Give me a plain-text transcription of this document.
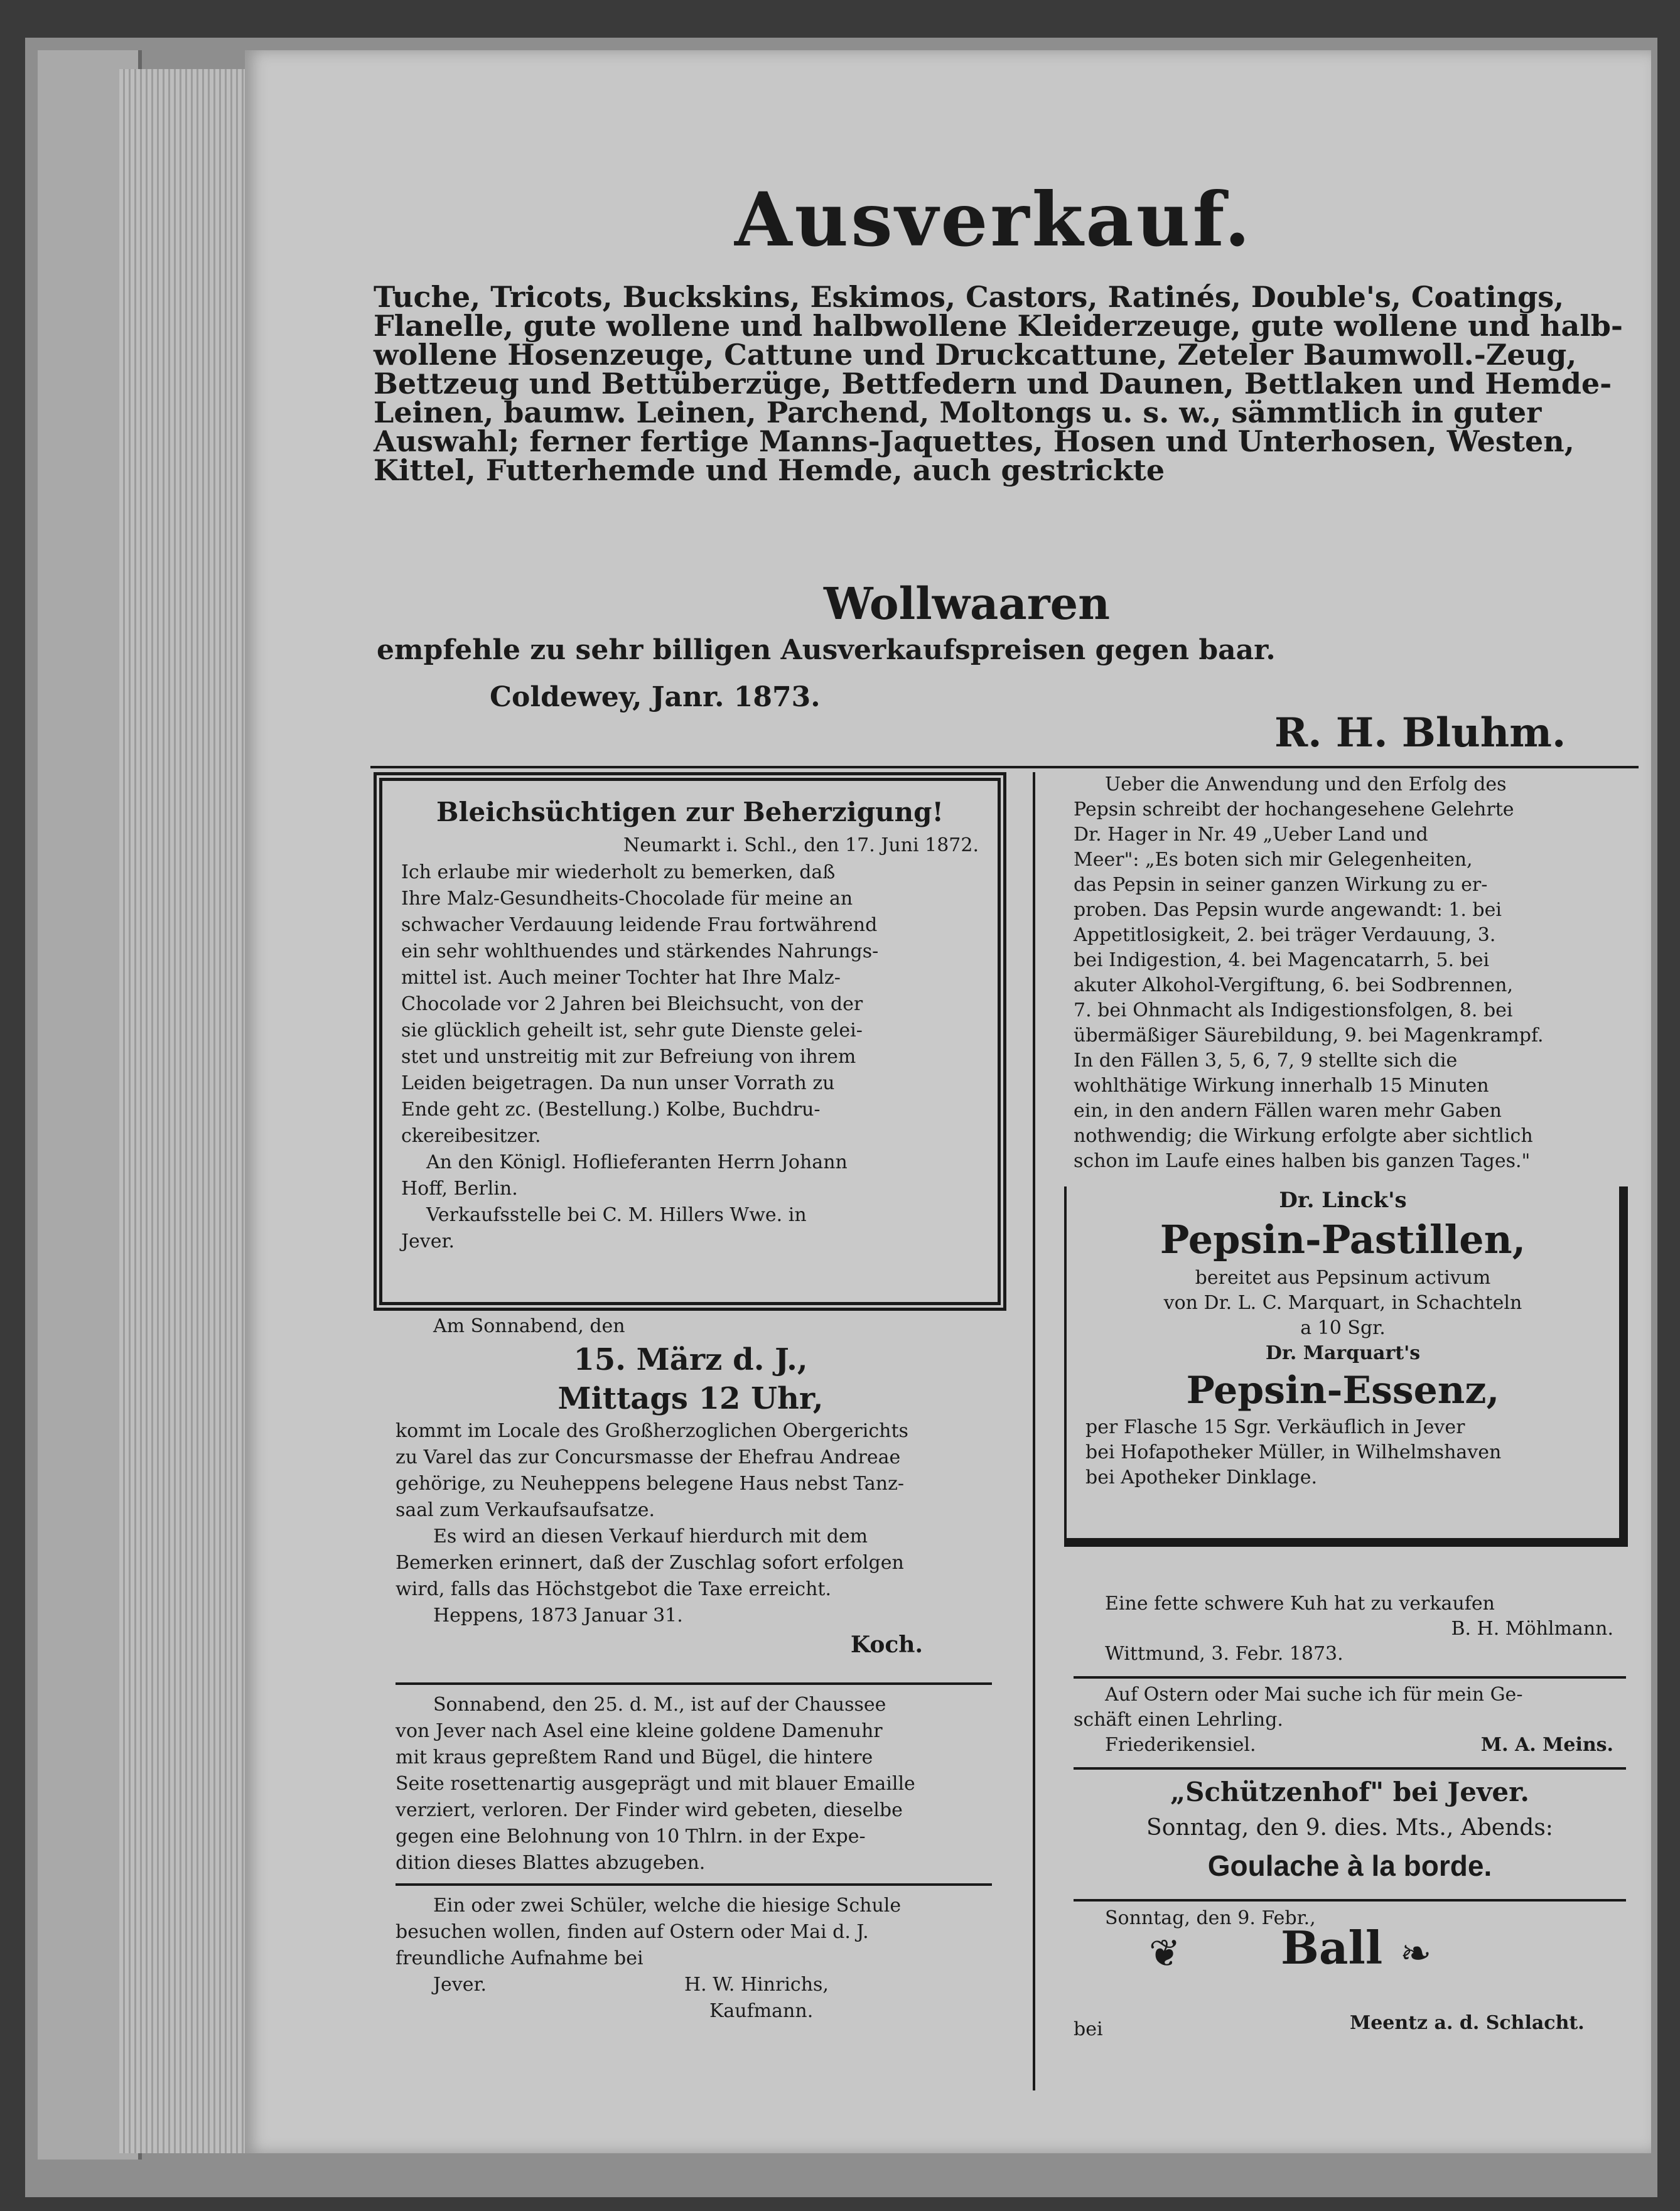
Ausverkauf.
Tuche, Tricots, Buckskins, Eskimos, Castors, Ratinés, Double's, Coatings,
Flanelle, gute wollene und halbwollene Kleiderzeuge, gute wollene und halb-
wollene Hosenzeuge, Cattune und Druckcattune, Zeteler Baumwoll.-Zeug,
Bettzeug und Bettüberzüge, Bettfedern und Daunen, Bettlaken und Hemde-
Leinen, baumw. Leinen, Parchend, Moltongs u. s. w., sämmtlich in guter
Auswahl; ferner fertige Manns-Jaquettes, Hosen und Unterhosen, Westen,
Kittel, Futterhemde und Hemde, auch gestrickte
Wollwaaren
empfehle zu sehr billigen Ausverkaufspreisen gegen baar.
Coldewey, Janr. 1873.
R. H. Bluhm.
Bleichsüchtigen zur Beherzigung!
Neumarkt i. Schl., den 17. Juni 1872.
Ich erlaube mir wiederholt zu bemerken, daß
Ihre Malz-Gesundheits-Chocolade für meine an
schwacher Verdauung leidende Frau fortwährend
ein sehr wohlthuendes und stärkendes Nahrungs-
mittel ist. Auch meiner Tochter hat Ihre Malz-
Chocolade vor 2 Jahren bei Bleichsucht, von der
sie glücklich geheilt ist, sehr gute Dienste gelei-
stet und unstreitig mit zur Befreiung von ihrem
Leiden beigetragen. Da nun unser Vorrath zu
Ende geht zc. (Bestellung.) Kolbe, Buchdru-
ckereibesitzer.
An den Königl. Hoflieferanten Herrn Johann
Hoff, Berlin.
Verkaufsstelle bei C. M. Hillers Wwe. in
Jever.
Am Sonnabend, den
15. März d. J.,
Mittags 12 Uhr,
kommt im Locale des Großherzoglichen Obergerichts
zu Varel das zur Concursmasse der Ehefrau Andreae
gehörige, zu Neuheppens belegene Haus nebst Tanz-
saal zum Verkaufsaufsatze.
Es wird an diesen Verkauf hierdurch mit dem
Bemerken erinnert, daß der Zuschlag sofort erfolgen
wird, falls das Höchstgebot die Taxe erreicht.
Heppens, 1873 Januar 31.
Koch.
Sonnabend, den 25. d. M., ist auf der Chaussee
von Jever nach Asel eine kleine goldene Damenuhr
mit kraus gepreßtem Rand und Bügel, die hintere
Seite rosettenartig ausgeprägt und mit blauer Emaille
verziert, verloren. Der Finder wird gebeten, dieselbe
gegen eine Belohnung von 10 Thlrn. in der Expe-
dition dieses Blattes abzugeben.
Ein oder zwei Schüler, welche die hiesige Schule
besuchen wollen, finden auf Ostern oder Mai d. J.
freundliche Aufnahme bei
Jever.	H. W. Hinrichs,
Kaufmann.
Ueber die Anwendung und den Erfolg des
Pepsin schreibt der hochangesehene Gelehrte
Dr. Hager in Nr. 49 „Ueber Land und
Meer": „Es boten sich mir Gelegenheiten,
das Pepsin in seiner ganzen Wirkung zu er-
proben. Das Pepsin wurde angewandt: 1. bei
Appetitlosigkeit, 2. bei träger Verdauung, 3.
bei Indigestion, 4. bei Magencatarrh, 5. bei
akuter Alkohol-Vergiftung, 6. bei Sodbrennen,
7. bei Ohnmacht als Indigestionsfolgen, 8. bei
übermäßiger Säurebildung, 9. bei Magenkrampf.
In den Fällen 3, 5, 6, 7, 9 stellte sich die
wohlthätige Wirkung innerhalb 15 Minuten
ein, in den andern Fällen waren mehr Gaben
nothwendig; die Wirkung erfolgte aber sichtlich
schon im Laufe eines halben bis ganzen Tages."
Dr. Linck's
Pepsin-Pastillen,
bereitet aus Pepsinum activum
von Dr. L. C. Marquart, in Schachteln
a 10 Sgr.
Dr. Marquart's
Pepsin-Essenz,
per Flasche 15 Sgr. Verkäuflich in Jever
bei Hofapotheker Müller, in Wilhelmshaven
bei Apotheker Dinklage.
Eine fette schwere Kuh hat zu verkaufen
B. H. Möhlmann.
Wittmund, 3. Febr. 1873.
Auf Ostern oder Mai suche ich für mein Ge-
schäft einen Lehrling.
Friederikensiel.	M. A. Meins.
„Schützenhof" bei Jever.
Sonntag, den 9. dies. Mts., Abends:
Goulache à la borde.
Sonntag, den 9. Febr.,
❦ Ball ❧
bei	Meentz a. d. Schlacht.
